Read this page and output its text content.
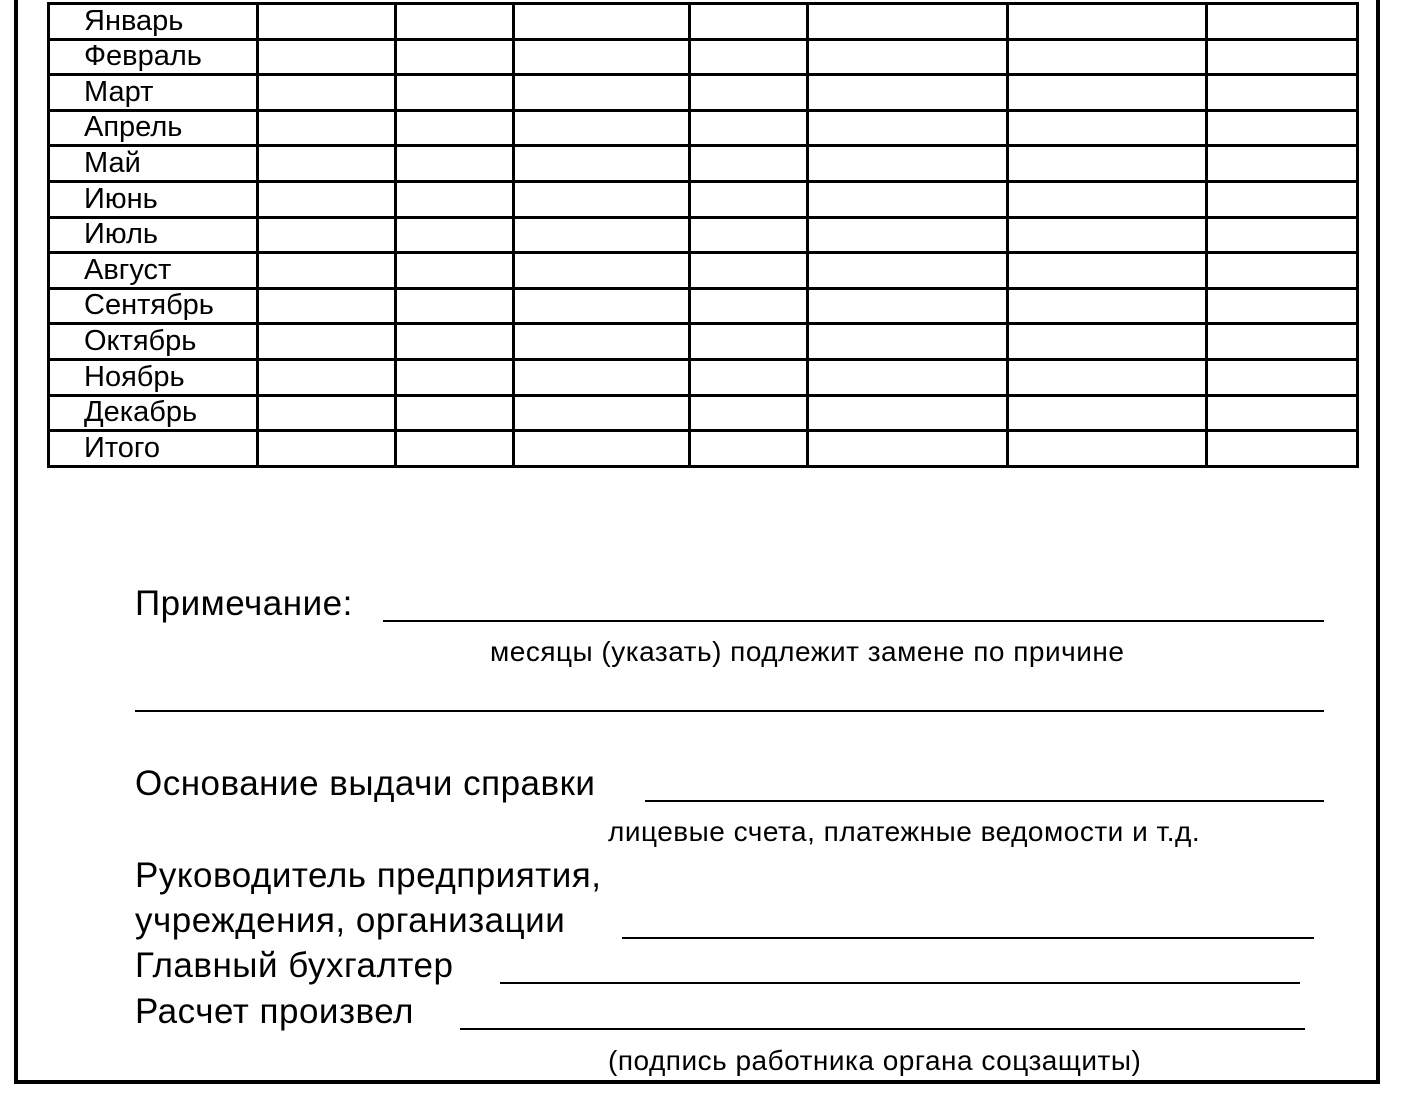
Январь							
Февраль							
Март							
Апрель							
Май							
Июнь							
Июль							
Август							
Сентябрь							
Октябрь							
Ноябрь							
Декабрь							
Итого							
Примечание:
месяцы (указать) подлежит замене по причине
Основание выдачи справки
лицевые счета, платежные ведомости и т.д.
Руководитель предприятия,
учреждения, организации
Главный бухгалтер
Расчет произвел
(подпись работника органа соцзащиты)
